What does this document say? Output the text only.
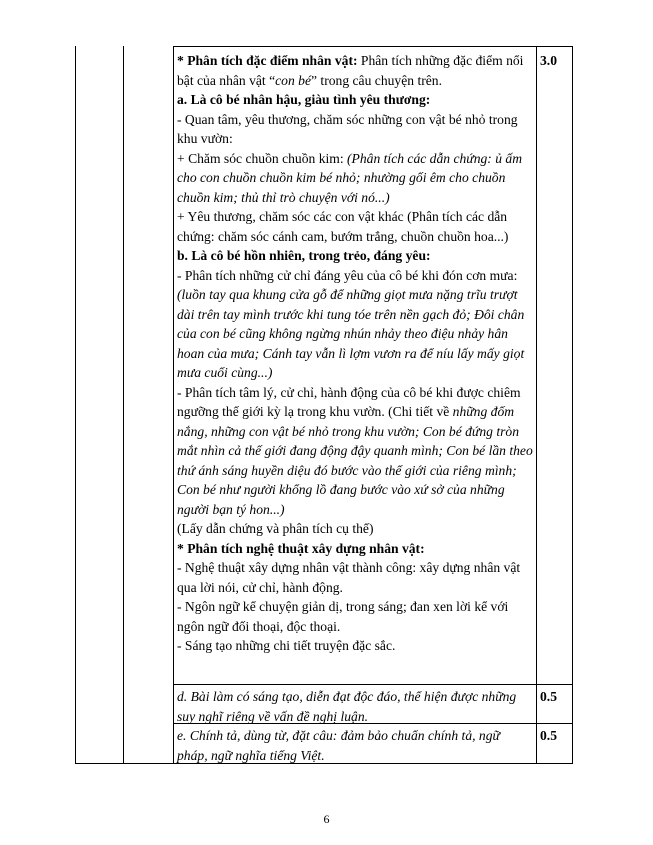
* Phân tích đặc điểm nhân vật: Phân tích những đặc điểm nổi bật của nhân vật “con bé” trong câu chuyện trên.

a. Là cô bé nhân hậu, giàu tình yêu thương:

- Quan tâm, yêu thương, chăm sóc những con vật bé nhỏ trong khu vườn:

+ Chăm sóc chuồn chuồn kim: (Phân tích các dẫn chứng: ủ ấm cho con chuồn chuồn kim bé nhỏ; nhường gối êm cho chuồn chuồn kim; thủ thỉ trò chuyện với nó...)

+ Yêu thương, chăm sóc các con vật khác (Phân tích các dẫn chứng: chăm sóc cánh cam, bướm trắng, chuồn chuồn hoa...)

b. Là cô bé hồn nhiên, trong trẻo, đáng yêu:

- Phân tích những cử chỉ đáng yêu của cô bé khi đón cơn mưa: (luồn tay qua khung cửa gỗ để những giọt mưa nặng trĩu trượt dài trên tay mình trước khi tung tóe trên nền gạch đỏ; Đôi chân của con bé cũng không ngừng nhún nhảy theo điệu nhảy hân hoan của mưa; Cánh tay vẫn lì lợm vươn ra để níu lấy mấy giọt mưa cuối cùng...)

- Phân tích tâm lý, cử chỉ, hành động của cô bé khi được chiêm ngưỡng thế giới kỳ lạ trong khu vườn. (Chi tiết về những đốm nắng, những con vật bé nhỏ trong khu vườn; Con bé đứng tròn mắt nhìn cả thế giới đang động đậy quanh mình; Con bé lần theo thứ ánh sáng huyền diệu đó bước vào thế giới của riêng mình; Con bé như người khổng lồ đang bước vào xứ sở của những người bạn tý hon...)

(Lấy dẫn chứng và phân tích cụ thể)

* Phân tích nghệ thuật xây dựng nhân vật:

- Nghệ thuật xây dựng nhân vật thành công: xây dựng nhân vật qua lời nói, cử chỉ, hành động.

- Ngôn ngữ kể chuyện giản dị, trong sáng; đan xen lời kể với ngôn ngữ đối thoại, độc thoại.

- Sáng tạo những chi tiết truyện đặc sắc.

3.0
d. Bài làm có sáng tạo, diễn đạt độc đáo, thể hiện được những suy nghĩ riêng về vấn đề nghị luận.
0.5
e. Chính tả, dùng từ, đặt câu: đảm bảo chuẩn chính tả, ngữ pháp, ngữ nghĩa tiếng Việt.
0.5
6
